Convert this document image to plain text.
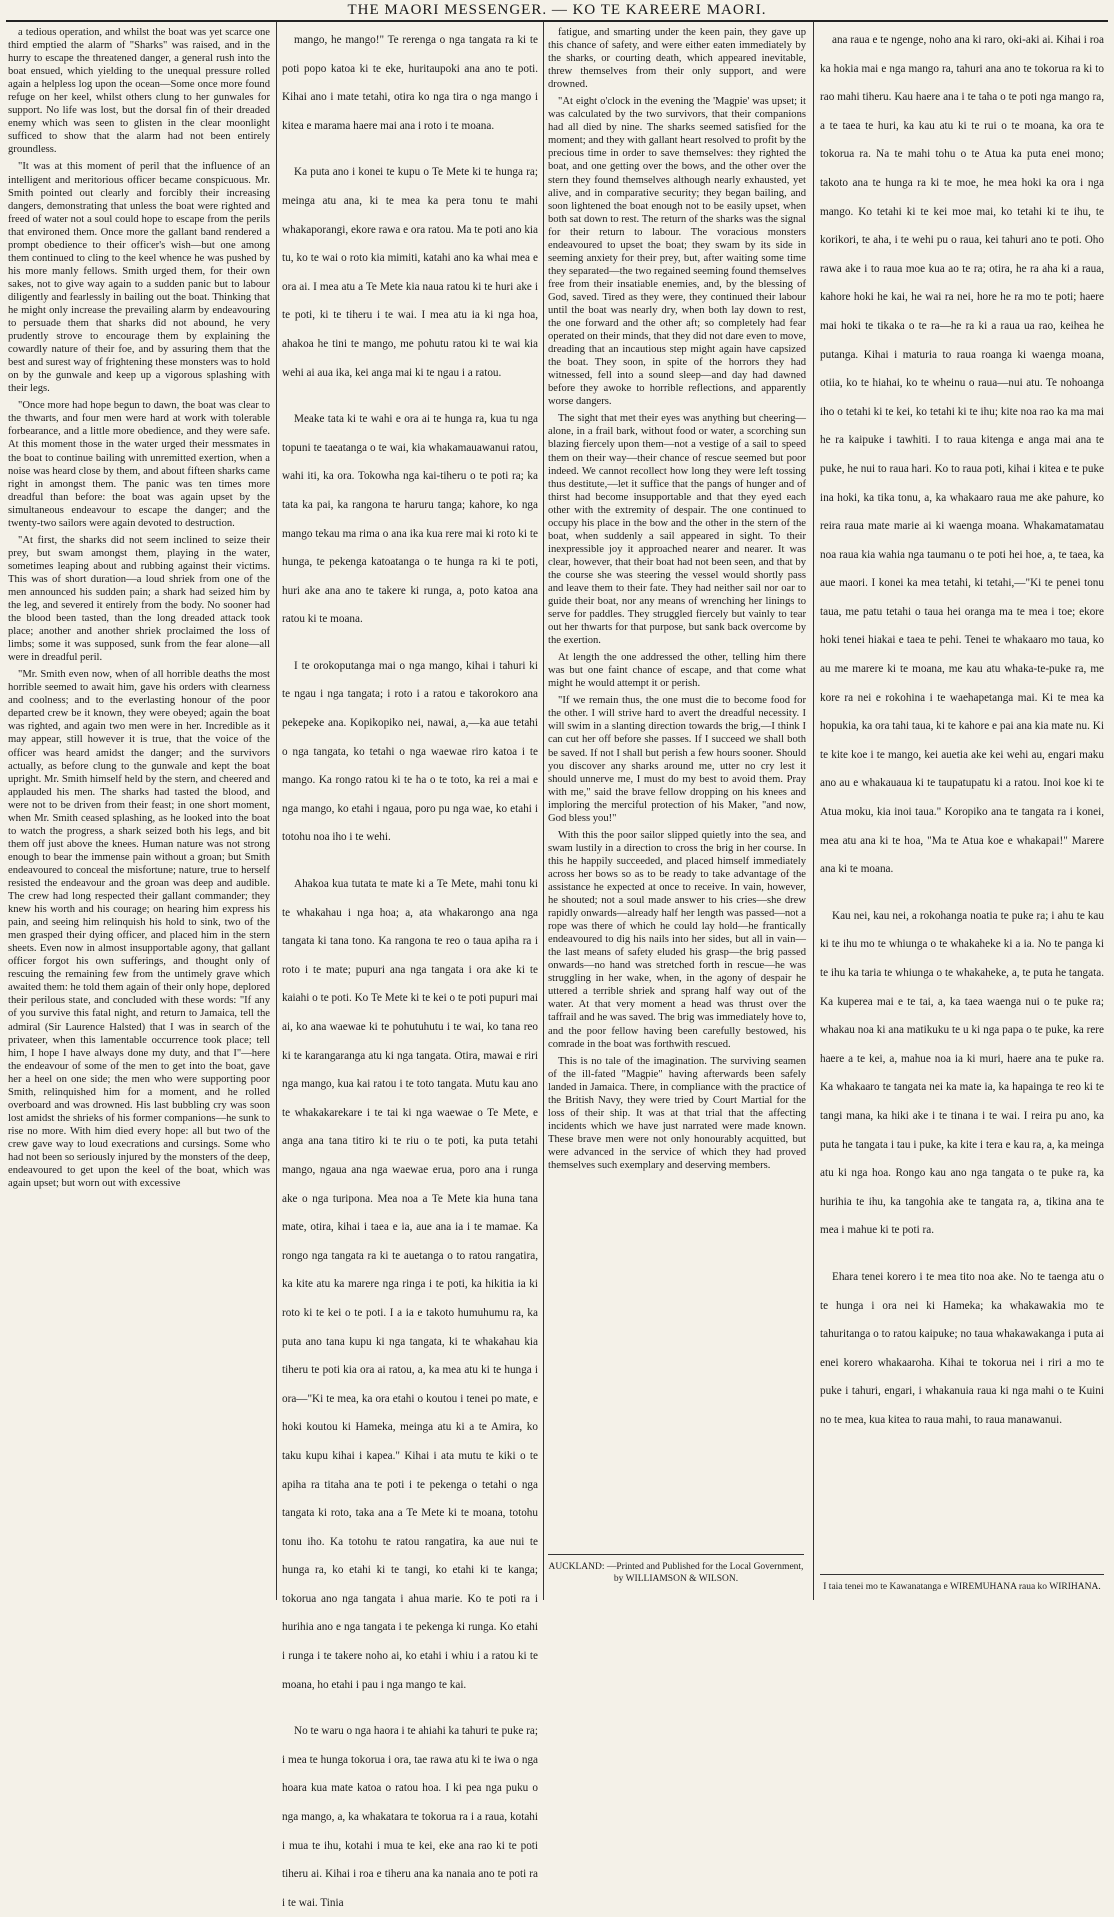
THE MAORI MESSENGER. — KO TE KAREERE MAORI.

a tedious operation, and whilst the boat was yet scarce one third emptied the alarm of "Sharks" was raised, and in the hurry to escape the threatened danger, a general rush into the boat ensued, which yielding to the unequal pressure rolled again a helpless log upon the ocean—Some once more found refuge on her keel, whilst others clung to her gunwales for support. No life was lost, but the dorsal fin of their dreaded enemy which was seen to glisten in the clear moonlight sufficed to show that the alarm had not been entirely groundless.

"It was at this moment of peril that the influence of an intelligent and meritorious officer became conspicuous. Mr. Smith pointed out clearly and forcibly their increasing dangers, demonstrating that unless the boat were righted and freed of water not a soul could hope to escape from the perils that environed them. Once more the gallant band rendered a prompt obedience to their officer's wish—but one among them continued to cling to the keel whence he was pushed by his more manly fellows. Smith urged them, for their own sakes, not to give way again to a sudden panic but to labour diligently and fearlessly in bailing out the boat. Thinking that he might only increase the prevailing alarm by endeavouring to persuade them that sharks did not abound, he very prudently strove to encourage them by explaining the cowardly nature of their foe, and by assuring them that the best and surest way of frightening these monsters was to hold on by the gunwale and keep up a vigorous splashing with their legs.

"Once more had hope begun to dawn, the boat was clear to the thwarts, and four men were hard at work with tolerable forbearance, and a little more obedience, and they were safe. At this moment those in the water urged their messmates in the boat to continue bailing with unremitted exertion, when a noise was heard close by them, and about fifteen sharks came right in amongst them. The panic was ten times more dreadful than before: the boat was again upset by the simultaneous endeavour to escape the danger; and the twenty-two sailors were again devoted to destruction.

"At first, the sharks did not seem inclined to seize their prey, but swam amongst them, playing in the water, sometimes leaping about and rubbing against their victims. This was of short duration—a loud shriek from one of the men announced his sudden pain; a shark had seized him by the leg, and severed it entirely from the body. No sooner had the blood been tasted, than the long dreaded attack took place; another and another shriek proclaimed the loss of limbs; some it was supposed, sunk from the fear alone—all were in dreadful peril.

"Mr. Smith even now, when of all horrible deaths the most horrible seemed to await him, gave his orders with clearness and coolness; and to the everlasting honour of the poor departed crew be it known, they were obeyed; again the boat was righted, and again two men were in her. Incredible as it may appear, still however it is true, that the voice of the officer was heard amidst the danger; and the survivors actually, as before clung to the gunwale and kept the boat upright. Mr. Smith himself held by the stern, and cheered and applauded his men. The sharks had tasted the blood, and were not to be driven from their feast; in one short moment, when Mr. Smith ceased splashing, as he looked into the boat to watch the progress, a shark seized both his legs, and bit them off just above the knees. Human nature was not strong enough to bear the immense pain without a groan; but Smith endeavoured to conceal the misfortune; nature, true to herself resisted the endeavour and the groan was deep and audible. The crew had long respected their gallant commander; they knew his worth and his courage; on hearing him express his pain, and seeing him relinquish his hold to sink, two of the men grasped their dying officer, and placed him in the stern sheets. Even now in almost insupportable agony, that gallant officer forgot his own sufferings, and thought only of rescuing the remaining few from the untimely grave which awaited them: he told them again of their only hope, deplored their perilous state, and concluded with these words: "If any of you survive this fatal night, and return to Jamaica, tell the admiral (Sir Laurence Halsted) that I was in search of the privateer, when this lamentable occurrence took place; tell him, I hope I have always done my duty, and that I"—here the endeavour of some of the men to get into the boat, gave her a heel on one side; the men who were supporting poor Smith, relinquished him for a moment, and he rolled overboard and was drowned. His last bubbling cry was soon lost amidst the shrieks of his former companions—he sunk to rise no more. With him died every hope: all but two of the crew gave way to loud execrations and cursings. Some who had not been so seriously injured by the monsters of the deep, endeavoured to get upon the keel of the boat, which was again upset; but worn out with excessive

mango, he mango!" Te rerenga o nga tangata ra ki te poti popo katoa ki te eke, huritaupoki ana ano te poti. Kihai ano i mate tetahi, otira ko nga tira o nga mango i kitea e marama haere mai ana i roto i te moana.

Ka puta ano i konei te kupu o Te Mete ki te hunga ra; meinga atu ana, ki te mea ka pera tonu te mahi whakaporangi, ekore rawa e ora ratou. Ma te poti ano kia tu, ko te wai o roto kia mimiti, katahi ano ka whai mea e ora ai. I mea atu a Te Mete kia naua ratou ki te huri ake i te poti, ki te tiheru i te wai. I mea atu ia ki nga hoa, ahakoa he tini te mango, me pohutu ratou ki te wai kia wehi ai aua ika, kei anga mai ki te ngau i a ratou.

Meake tata ki te wahi e ora ai te hunga ra, kua tu nga topuni te taeatanga o te wai, kia whakamauawanui ratou, wahi iti, ka ora. Tokowha nga kai-tiheru o te poti ra; ka tata ka pai, ka rangona te haruru tanga; kahore, ko nga mango tekau ma rima o ana ika kua rere mai ki roto ki te hunga, te pekenga katoatanga o te hunga ra ki te poti, huri ake ana ano te takere ki runga, a, poto katoa ana ratou ki te moana.

I te orokoputanga mai o nga mango, kihai i tahuri ki te ngau i nga tangata; i roto i a ratou e takorokoro ana pekepeke ana. Kopikopiko nei, nawai, a,—ka aue tetahi o nga tangata, ko tetahi o nga waewae riro katoa i te mango. Ka rongo ratou ki te ha o te toto, ka rei a mai e nga mango, ko etahi i ngaua, poro pu nga wae, ko etahi i totohu noa iho i te wehi.

Ahakoa kua tutata te mate ki a Te Mete, mahi tonu ki te whakahau i nga hoa; a, ata whakarongo ana nga tangata ki tana tono. Ka rangona te reo o taua apiha ra i roto i te mate; pupuri ana nga tangata i ora ake ki te kaiahi o te poti. Ko Te Mete ki te kei o te poti pupuri mai ai, ko ana waewae ki te pohutuhutu i te wai, ko tana reo ki te karangaranga atu ki nga tangata. Otira, mawai e riri nga mango, kua kai ratou i te toto tangata. Mutu kau ano te whakakarekare i te tai ki nga waewae o Te Mete, e anga ana tana titiro ki te riu o te poti, ka puta tetahi mango, ngaua ana nga waewae erua, poro ana i runga ake o nga turipona. Mea noa a Te Mete kia huna tana mate, otira, kihai i taea e ia, aue ana ia i te mamae. Ka rongo nga tangata ra ki te auetanga o to ratou rangatira, ka kite atu ka marere nga ringa i te poti, ka hikitia ia ki roto ki te kei o te poti. I a ia e takoto humuhumu ra, ka puta ano tana kupu ki nga tangata, ki te whakahau kia tiheru te poti kia ora ai ratou, a, ka mea atu ki te hunga i ora—"Ki te mea, ka ora etahi o koutou i tenei po mate, e hoki koutou ki Hameka, meinga atu ki a te Amira, ko taku kupu kihai i kapea." Kihai i ata mutu te kiki o te apiha ra titaha ana te poti i te pekenga o tetahi o nga tangata ki roto, taka ana a Te Mete ki te moana, totohu tonu iho. Ka totohu te ratou rangatira, ka aue nui te hunga ra, ko etahi ki te tangi, ko etahi ki te kanga; tokorua ano nga tangata i ahua marie. Ko te poti ra i hurihia ano e nga tangata i te pekenga ki runga. Ko etahi i runga i te takere noho ai, ko etahi i whiu i a ratou ki te moana, ho etahi i pau i nga mango te kai.

No te waru o nga haora i te ahiahi ka tahuri te puke ra; i mea te hunga tokorua i ora, tae rawa atu ki te iwa o nga hoara kua mate katoa o ratou hoa. I ki pea nga puku o nga mango, a, ka whakatara te tokorua ra i a raua, kotahi i mua te ihu, kotahi i mua te kei, eke ana rao ki te poti tiheru ai. Kihai i roa e tiheru ana ka nanaia ano te poti ra i te wai. Tinia

fatigue, and smarting under the keen pain, they gave up this chance of safety, and were either eaten immediately by the sharks, or courting death, which appeared inevitable, threw themselves from their only support, and were drowned.

"At eight o'clock in the evening the 'Magpie' was upset; it was calculated by the two survivors, that their companions had all died by nine. The sharks seemed satisfied for the moment; and they with gallant heart resolved to profit by the precious time in order to save themselves: they righted the boat, and one getting over the bows, and the other over the stern they found themselves although nearly exhausted, yet alive, and in comparative security; they began bailing, and soon lightened the boat enough not to be easily upset, when both sat down to rest. The return of the sharks was the signal for their return to labour. The voracious monsters endeavoured to upset the boat; they swam by its side in seeming anxiety for their prey, but, after waiting some time they separated—the two regained seeming found themselves free from their insatiable enemies, and, by the blessing of God, saved. Tired as they were, they continued their labour until the boat was nearly dry, when both lay down to rest, the one forward and the other aft; so completely had fear operated on their minds, that they did not dare even to move, dreading that an incautious step might again have capsized the boat. They soon, in spite of the horrors they had witnessed, fell into a sound sleep—and day had dawned before they awoke to horrible reflections, and apparently worse dangers.

The sight that met their eyes was anything but cheering—alone, in a frail bark, without food or water, a scorching sun blazing fiercely upon them—not a vestige of a sail to speed them on their way—their chance of rescue seemed but poor indeed. We cannot recollect how long they were left tossing thus destitute,—let it suffice that the pangs of hunger and of thirst had become insupportable and that they eyed each other with the extremity of despair. The one continued to occupy his place in the bow and the other in the stern of the boat, when suddenly a sail appeared in sight. To their inexpressible joy it approached nearer and nearer. It was clear, however, that their boat had not been seen, and that by the course she was steering the vessel would shortly pass and leave them to their fate. They had neither sail nor oar to guide their boat, nor any means of wrenching her linings to serve for paddles. They struggled fiercely but vainly to tear out her thwarts for that purpose, but sank back overcome by the exertion.

At length the one addressed the other, telling him there was but one faint chance of escape, and that come what might he would attempt it or perish.

"If we remain thus, the one must die to become food for the other. I will strive hard to avert the dreadful necessity. I will swim in a slanting direction towards the brig,—I think I can cut her off before she passes. If I succeed we shall both be saved. If not I shall but perish a few hours sooner. Should you discover any sharks around me, utter no cry lest it should unnerve me, I must do my best to avoid them. Pray with me," said the brave fellow dropping on his knees and imploring the merciful protection of his Maker, "and now, God bless you!"

With this the poor sailor slipped quietly into the sea, and swam lustily in a direction to cross the brig in her course. In this he happily succeeded, and placed himself immediately across her bows so as to be ready to take advantage of the assistance he expected at once to receive. In vain, however, he shouted; not a soul made answer to his cries—she drew rapidly onwards—already half her length was passed—not a rope was there of which he could lay hold—he frantically endeavoured to dig his nails into her sides, but all in vain—the last means of safety eluded his grasp—the brig passed onwards—no hand was stretched forth in rescue—he was struggling in her wake, when, in the agony of despair he uttered a terrible shriek and sprang half way out of the water. At that very moment a head was thrust over the taffrail and he was saved. The brig was immediately hove to, and the poor fellow having been carefully bestowed, his comrade in the boat was forthwith rescued.

This is no tale of the imagination. The surviving seamen of the ill-fated "Magpie" having afterwards been safely landed in Jamaica. There, in compliance with the practice of the British Navy, they were tried by Court Martial for the loss of their ship. It was at that trial that the affecting incidents which we have just narrated were made known. These brave men were not only honourably acquitted, but were advanced in the service of which they had proved themselves such exemplary and deserving members.

AUCKLAND: —Printed and Published for the Local Government, by WILLIAMSON & WILSON.

ana raua e te ngenge, noho ana ki raro, oki-aki ai. Kihai i roa ka hokia mai e nga mango ra, tahuri ana ano te tokorua ra ki to rao mahi tiheru. Kau haere ana i te taha o te poti nga mango ra, a te taea te huri, ka kau atu ki te rui o te moana, ka ora te tokorua ra. Na te mahi tohu o te Atua ka puta enei mono; takoto ana te hunga ra ki te moe, he mea hoki ka ora i nga mango. Ko tetahi ki te kei moe mai, ko tetahi ki te ihu, te korikori, te aha, i te wehi pu o raua, kei tahuri ano te poti. Oho rawa ake i to raua moe kua ao te ra; otira, he ra aha ki a raua, kahore hoki he kai, he wai ra nei, hore he ra mo te poti; haere mai hoki te tikaka o te ra—he ra ki a raua ua rao, keihea he putanga. Kihai i maturia to raua roanga ki waenga moana, otiia, ko te hiahai, ko te wheinu o raua—nui atu. Te nohoanga iho o tetahi ki te kei, ko tetahi ki te ihu; kite noa rao ka ma mai he ra kaipuke i tawhiti. I to raua kitenga e anga mai ana te puke, he nui to raua hari. Ko to raua poti, kihai i kitea e te puke ina hoki, ka tika tonu, a, ka whakaaro raua me ake pahure, ko reira raua mate marie ai ki waenga moana. Whakamatamatau noa raua kia wahia nga taumanu o te poti hei hoe, a, te taea, ka aue maori. I konei ka mea tetahi, ki tetahi,—"Ki te penei tonu taua, me patu tetahi o taua hei oranga ma te mea i toe; ekore hoki tenei hiakai e taea te pehi. Tenei te whakaaro mo taua, ko au me marere ki te moana, me kau atu whaka-te-puke ra, me kore ra nei e rokohina i te waehapetanga mai. Ki te mea ka hopukia, ka ora tahi taua, ki te kahore e pai ana kia mate nu. Ki te kite koe i te mango, kei auetia ake kei wehi au, engari maku ano au e whakauaua ki te taupatupatu ki a ratou. Inoi koe ki te Atua moku, kia inoi taua." Koropiko ana te tangata ra i konei, mea atu ana ki te hoa, "Ma te Atua koe e whakapai!" Marere ana ki te moana.

Kau nei, kau nei, a rokohanga noatia te puke ra; i ahu te kau ki te ihu mo te whiunga o te whakaheke ki a ia. No te panga ki te ihu ka taria te whiunga o te whakaheke, a, te puta he tangata. Ka kuperea mai e te tai, a, ka taea waenga nui o te puke ra; whakau noa ki ana matikuku te u ki nga papa o te puke, ka rere haere a te kei, a, mahue noa ia ki muri, haere ana te puke ra. Ka whakaaro te tangata nei ka mate ia, ka hapainga te reo ki te tangi mana, ka hiki ake i te tinana i te wai. I reira pu ano, ka puta he tangata i tau i puke, ka kite i tera e kau ra, a, ka meinga atu ki nga hoa. Rongo kau ano nga tangata o te puke ra, ka hurihia te ihu, ka tangohia ake te tangata ra, a, tikina ana te mea i mahue ki te poti ra.

Ehara tenei korero i te mea tito noa ake. No te taenga atu o te hunga i ora nei ki Hameka; ka whakawakia mo te tahuritanga o to ratou kaipuke; no taua whakawakanga i puta ai enei korero whakaaroha. Kihai te tokorua nei i riri a mo te puke i tahuri, engari, i whakanuia raua ki nga mahi o te Kuini no te mea, kua kitea to raua mahi, to raua manawanui.

I taia tenei mo te Kawanatanga e WIREMUHANA raua ko WIRIHANA.
